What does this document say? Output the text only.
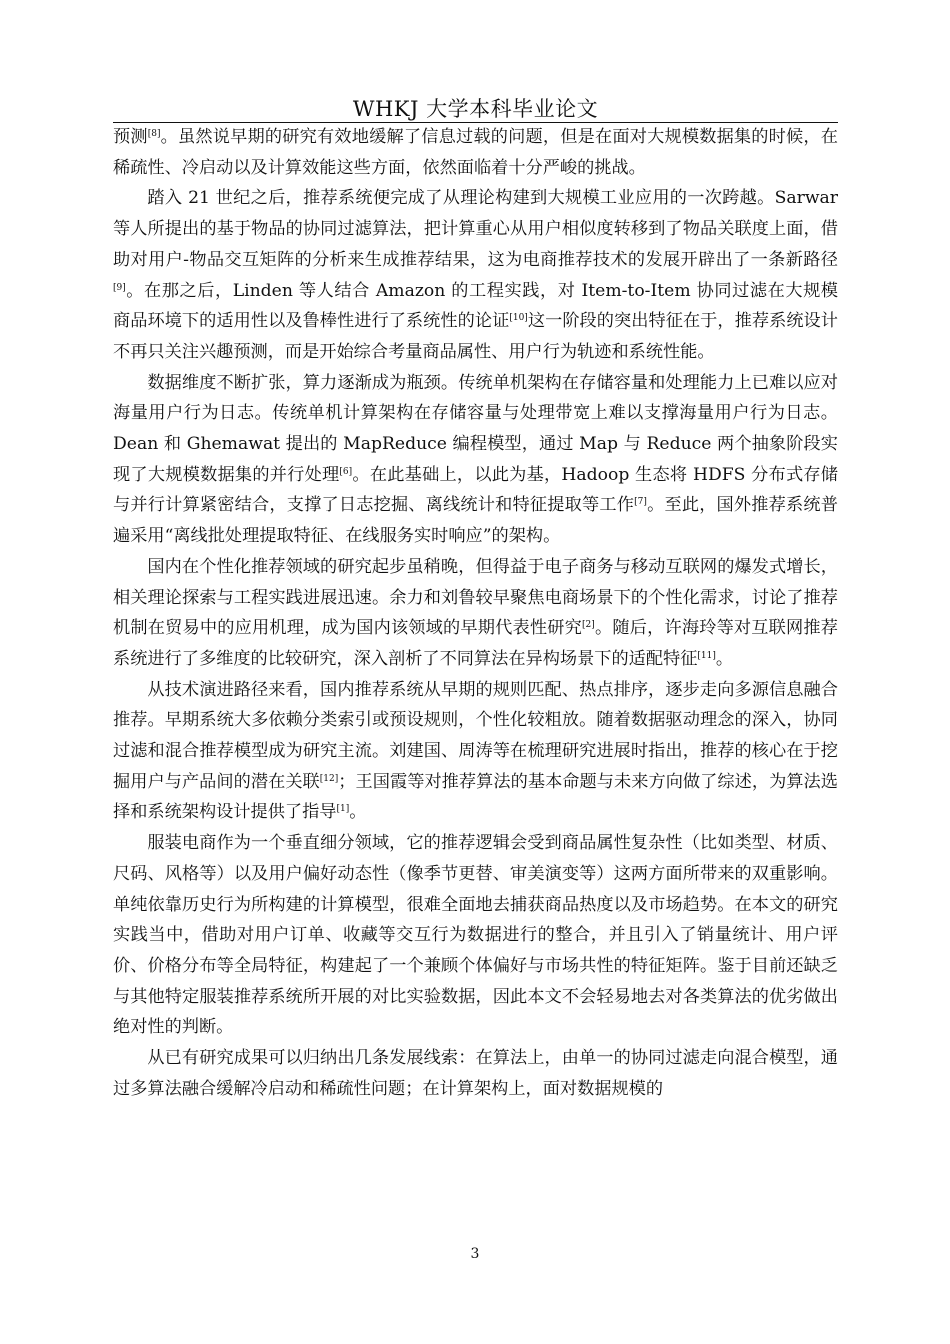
WHKJ 大学本科毕业论文

预测[8]。虽然说早期的研究有效地缓解了信息过载的问题，但是在面对大规模数据集的时候，在稀疏性、冷启动以及计算效能这些方面，依然面临着十分严峻的挑战。

踏入 21 世纪之后，推荐系统便完成了从理论构建到大规模工业应用的一次跨越。Sarwar 等人所提出的基于物品的协同过滤算法，把计算重心从用户相似度转移到了物品关联度上面，借助对用户-物品交互矩阵的分析来生成推荐结果，这为电商推荐技术的发展开辟出了一条新路径[9]。在那之后，Linden 等人结合 Amazon 的工程实践，对 Item-to-Item 协同过滤在大规模商品环境下的适用性以及鲁棒性进行了系统性的论证[10]这一阶段的突出特征在于，推荐系统设计不再只关注兴趣预测，而是开始综合考量商品属性、用户行为轨迹和系统性能。

数据维度不断扩张，算力逐渐成为瓶颈。传统单机架构在存储容量和处理能力上已难以应对海量用户行为日志。传统单机计算架构在存储容量与处理带宽上难以支撑海量用户行为日志。Dean 和 Ghemawat 提出的 MapReduce 编程模型，通过 Map 与 Reduce 两个抽象阶段实现了大规模数据集的并行处理[6]。在此基础上，以此为基，Hadoop 生态将 HDFS 分布式存储与并行计算紧密结合，支撑了日志挖掘、离线统计和特征提取等工作[7]。至此，国外推荐系统普遍采用“离线批处理提取特征、在线服务实时响应”的架构。

国内在个性化推荐领域的研究起步虽稍晚，但得益于电子商务与移动互联网的爆发式增长，相关理论探索与工程实践进展迅速。余力和刘鲁较早聚焦电商场景下的个性化需求，讨论了推荐机制在贸易中的应用机理，成为国内该领域的早期代表性研究[2]。随后，许海玲等对互联网推荐系统进行了多维度的比较研究，深入剖析了不同算法在异构场景下的适配特征[11]。

从技术演进路径来看，国内推荐系统从早期的规则匹配、热点排序，逐步走向多源信息融合推荐。早期系统大多依赖分类索引或预设规则，个性化较粗放。随着数据驱动理念的深入，协同过滤和混合推荐模型成为研究主流。刘建国、周涛等在梳理研究进展时指出，推荐的核心在于挖掘用户与产品间的潜在关联[12]；王国霞等对推荐算法的基本命题与未来方向做了综述，为算法选择和系统架构设计提供了指导[1]。

服装电商作为一个垂直细分领域，它的推荐逻辑会受到商品属性复杂性（比如类型、材质、尺码、风格等）以及用户偏好动态性（像季节更替、审美演变等）这两方面所带来的双重影响。单纯依靠历史行为所构建的计算模型，很难全面地去捕获商品热度以及市场趋势。在本文的研究实践当中，借助对用户订单、收藏等交互行为数据进行的整合，并且引入了销量统计、用户评价、价格分布等全局特征，构建起了一个兼顾个体偏好与市场共性的特征矩阵。鉴于目前还缺乏与其他特定服装推荐系统所开展的对比实验数据，因此本文不会轻易地去对各类算法的优劣做出绝对性的判断。

从已有研究成果可以归纳出几条发展线索：在算法上，由单一的协同过滤走向混合模型，通过多算法融合缓解冷启动和稀疏性问题；在计算架构上，面对数据规模的

3
